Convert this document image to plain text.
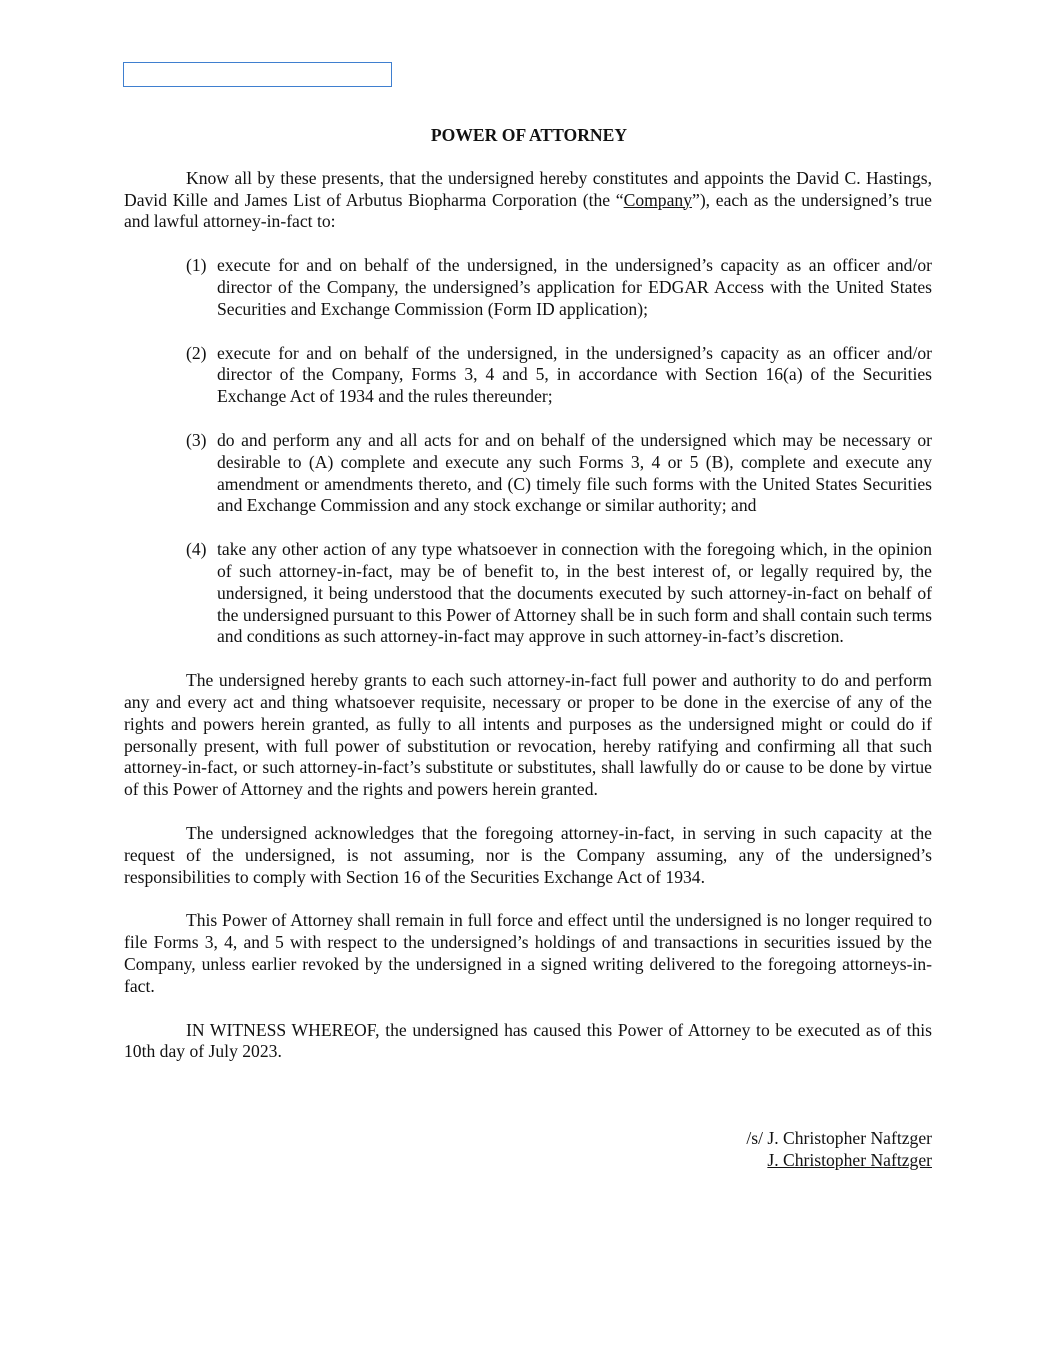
POWER OF ATTORNEY

Know all by these presents, that the undersigned hereby constitutes and appoints the David C. Hastings, David Kille and James List of Arbutus Biopharma Corporation (the “Company”), each as the undersigned’s true and lawful attorney-in-fact to:

(1) execute for and on behalf of the undersigned, in the undersigned’s capacity as an officer and/or director of the Company, the undersigned’s application for EDGAR Access with the United States Securities and Exchange Commission (Form ID application);
(2) execute for and on behalf of the undersigned, in the undersigned’s capacity as an officer and/or director of the Company, Forms 3, 4 and 5, in accordance with Section 16(a) of the Securities Exchange Act of 1934 and the rules thereunder;
(3) do and perform any and all acts for and on behalf of the undersigned which may be necessary or desirable to (A) complete and execute any such Forms 3, 4 or 5 (B), complete and execute any amendment or amendments thereto, and (C) timely file such forms with the United States Securities and Exchange Commission and any stock exchange or similar authority; and
(4) take any other action of any type whatsoever in connection with the foregoing which, in the opinion of such attorney-in-fact, may be of benefit to, in the best interest of, or legally required by, the undersigned, it being understood that the documents executed by such attorney-in-fact on behalf of the undersigned pursuant to this Power of Attorney shall be in such form and shall contain such terms and conditions as such attorney-in-fact may approve in such attorney-in-fact’s discretion.

The undersigned hereby grants to each such attorney-in-fact full power and authority to do and perform any and every act and thing whatsoever requisite, necessary or proper to be done in the exercise of any of the rights and powers herein granted, as fully to all intents and purposes as the undersigned might or could do if personally present, with full power of substitution or revocation, hereby ratifying and confirming all that such attorney-in-fact, or such attorney-in-fact’s substitute or substitutes, shall lawfully do or cause to be done by virtue of this Power of Attorney and the rights and powers herein granted.

The undersigned acknowledges that the foregoing attorney-in-fact, in serving in such capacity at the request of the undersigned, is not assuming, nor is the Company assuming, any of the undersigned’s responsibilities to comply with Section 16 of the Securities Exchange Act of 1934.

This Power of Attorney shall remain in full force and effect until the undersigned is no longer required to file Forms 3, 4, and 5 with respect to the undersigned’s holdings of and transactions in securities issued by the Company, unless earlier revoked by the undersigned in a signed writing delivered to the foregoing attorneys-in-fact.

IN WITNESS WHEREOF, the undersigned has caused this Power of Attorney to be executed as of this 10th day of July 2023.

/s/ J. Christopher Naftzger
J. Christopher Naftzger
